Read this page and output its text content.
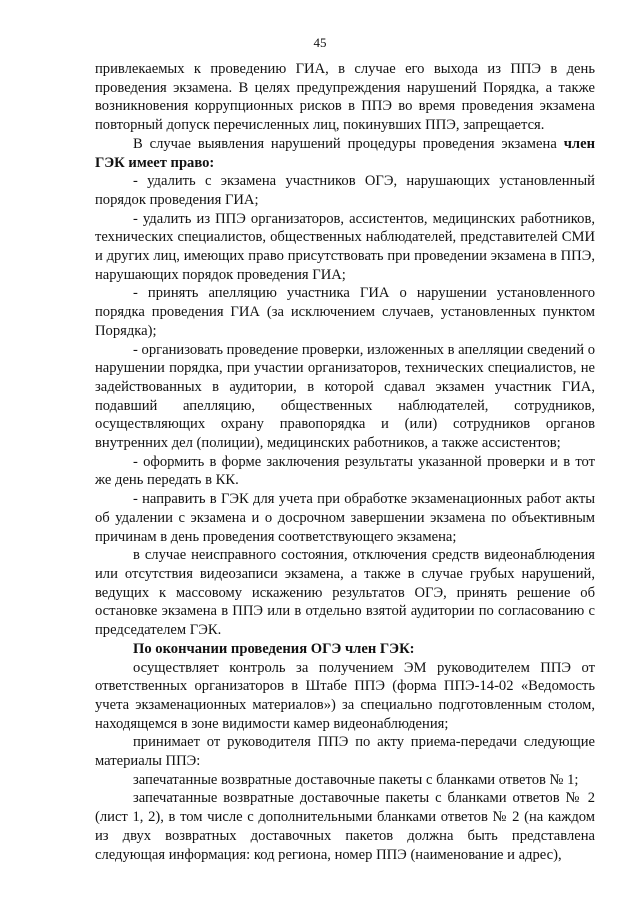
45

привлекаемых к проведению ГИА, в случае его выхода из ППЭ в день проведения экзамена. В целях предупреждения нарушений Порядка, а также возникновения коррупционных рисков в ППЭ во время проведения экзамена повторный допуск перечисленных лиц, покинувших ППЭ, запрещается.

В случае выявления нарушений процедуры проведения экзамена член ГЭК имеет право:

- удалить с экзамена участников ОГЭ, нарушающих установленный порядок проведения ГИА;

- удалить из ППЭ организаторов, ассистентов, медицинских работников, технических специалистов, общественных наблюдателей, представителей СМИ и других лиц, имеющих право присутствовать при проведении экзамена в ППЭ, нарушающих порядок проведения ГИА;

- принять апелляцию участника ГИА о нарушении установленного порядка проведения ГИА (за исключением случаев, установленных пунктом Порядка);

- организовать проведение проверки, изложенных в апелляции сведений о нарушении порядка, при участии организаторов, технических специалистов, не задействованных в аудитории, в которой сдавал экзамен участник ГИА, подавший апелляцию, общественных наблюдателей, сотрудников, осуществляющих охрану правопорядка и (или) сотрудников органов внутренних дел (полиции), медицинских работников, а также ассистентов;

- оформить в форме заключения результаты указанной проверки и в тот же день передать в КК.

- направить в ГЭК для учета при обработке экзаменационных работ акты об удалении с экзамена и о досрочном завершении экзамена по объективным причинам в день проведения соответствующего экзамена;

в случае неисправного состояния, отключения средств видеонаблюдения или отсутствия видеозаписи экзамена, а также в случае грубых нарушений, ведущих к массовому искажению результатов ОГЭ, принять решение об остановке экзамена в ППЭ или в отдельно взятой аудитории по согласованию с председателем ГЭК.

По окончании проведения ОГЭ член ГЭК:

осуществляет контроль за получением ЭМ руководителем ППЭ от ответственных организаторов в Штабе ППЭ (форма ППЭ-14-02 «Ведомость учета экзаменационных материалов») за специально подготовленным столом, находящемся в зоне видимости камер видеонаблюдения;

принимает от руководителя ППЭ по акту приема-передачи следующие материалы ППЭ:

запечатанные возвратные доставочные пакеты с бланками ответов № 1;

запечатанные возвратные доставочные пакеты с бланками ответов № 2 (лист 1, 2), в том числе с дополнительными бланками ответов № 2 (на каждом из двух возвратных доставочных пакетов должна быть представлена следующая информация: код региона, номер ППЭ (наименование и адрес),
